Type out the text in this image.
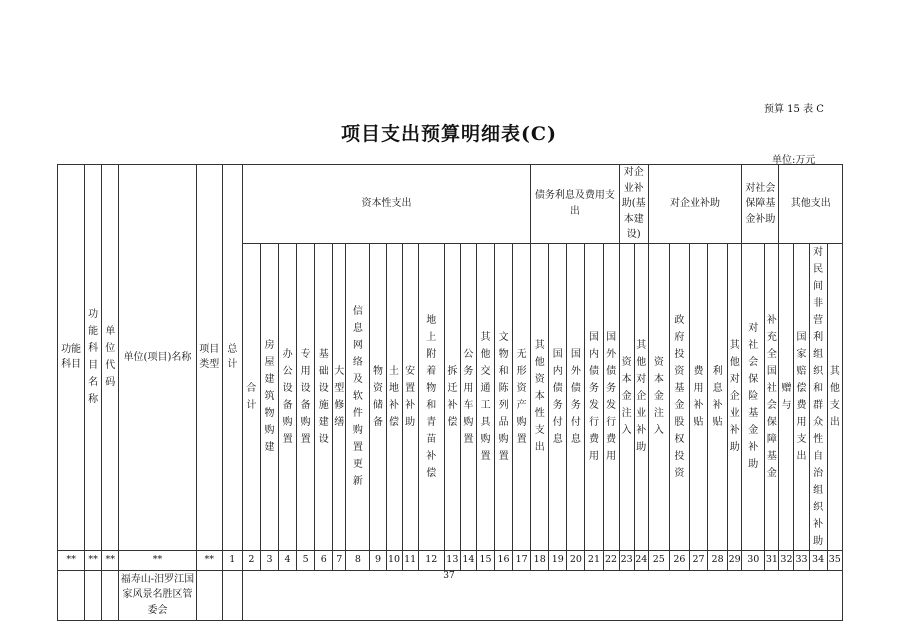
预算 15 表 C
项目支出预算明细表(C)
单位:万元
功能科目	功能科目名称	单位代码	单位(项目)名称	项目类型	总计	资本性支出																债务利息及费用支出					对企业补助(基本建设)		对企业补助					对社会保障基金补助		其他支出			
						合计	房屋建筑物购建	办公设备购置	专用设备购置	基础设施建设	大型修缮	信息网络及软件购置更新	物资储备	土地补偿	安置补助	地上附着物和青苗补偿	拆迁补偿	公务用车购置	其他交通工具购置	文物和陈列品购置	无形资产购置	其他资本性支出	国内债务付息	国外债务付息	国内债务发行费用	国外债务发行费用	资本金注入	其他对企业补助	资本金注入	政府投资基金股权投资	费用补贴	利息补贴	其他对企业补助	对社会保险基金补助	补充全国社会保障基金	赠与	国家赔偿费用支出	对民间非营利组织和群众性自治组织补助	其他支出
**	**	**	**	**	1	2	3	4	5	6	7	8	9	10	11	12	13	14	15	16	17	18	19	20	21	22	23	24	25	26	27	28	29	30	31	32	33	34	35
			福寿山-汨罗江国家风景名胜区管委会																																				
37
